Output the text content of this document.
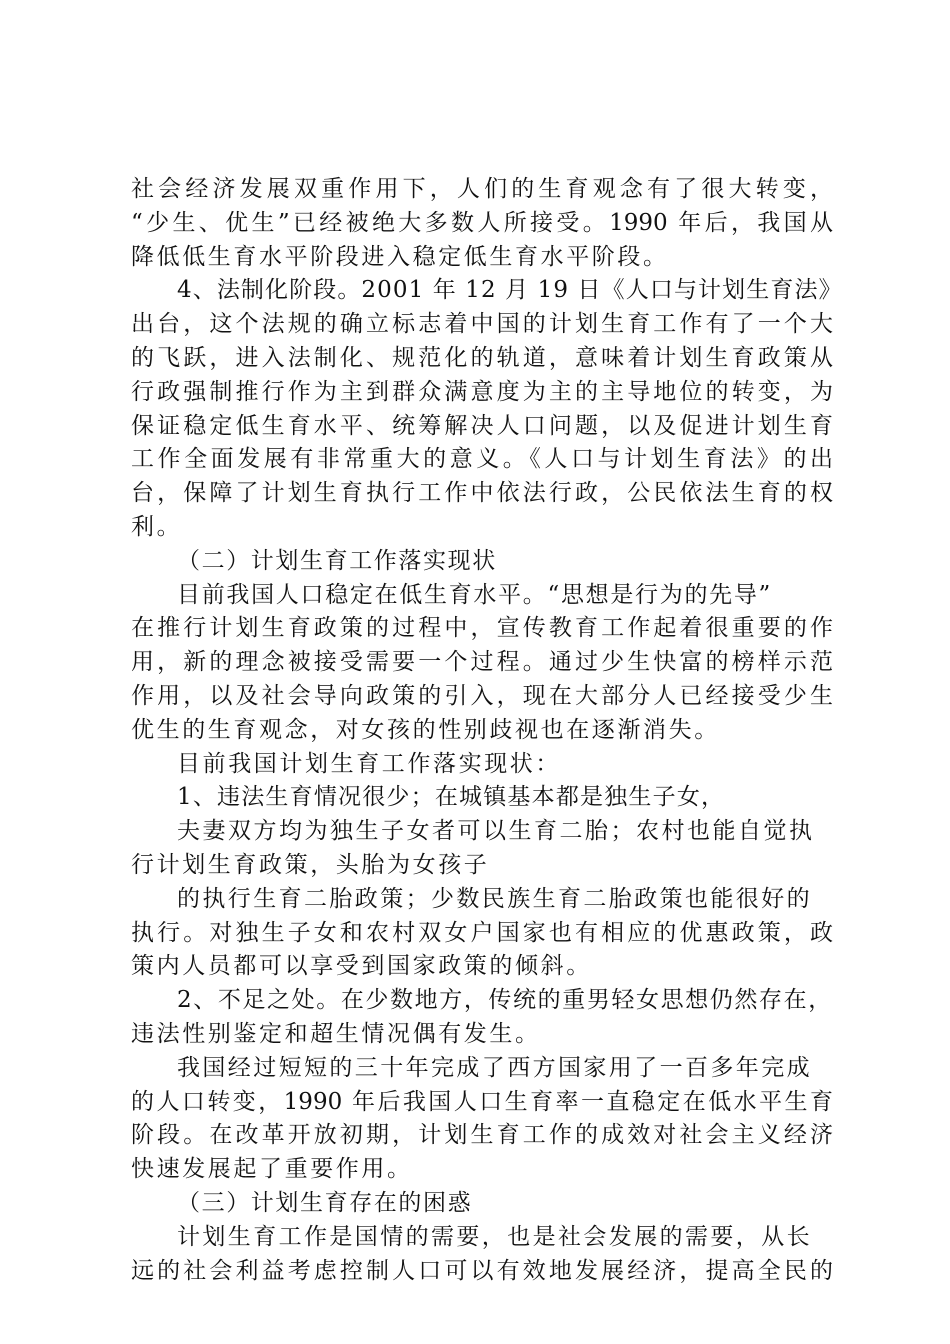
社会经济发展双重作用下，人们的生育观念有了很大转变，
“少生、优生”已经被绝大多数人所接受。1990 年后，我国从
降低低生育水平阶段进入稳定低生育水平阶段。
4、法制化阶段。2001 年 12 月 19 日《人口与计划生育法》
出台，这个法规的确立标志着中国的计划生育工作有了一个大
的飞跃，进入法制化、规范化的轨道，意味着计划生育政策从
行政强制推行作为主到群众满意度为主的主导地位的转变，为
保证稳定低生育水平、统筹解决人口问题，以及促进计划生育
工作全面发展有非常重大的意义。《人口与计划生育法》的出
台，保障了计划生育执行工作中依法行政，公民依法生育的权
利。
（二）计划生育工作落实现状
目前我国人口稳定在低生育水平。“思想是行为的先导”
在推行计划生育政策的过程中，宣传教育工作起着很重要的作
用，新的理念被接受需要一个过程。通过少生快富的榜样示范
作用，以及社会导向政策的引入，现在大部分人已经接受少生
优生的生育观念，对女孩的性别歧视也在逐渐消失。
目前我国计划生育工作落实现状：
1、违法生育情况很少；在城镇基本都是独生子女，
夫妻双方均为独生子女者可以生育二胎；农村也能自觉执
行计划生育政策，头胎为女孩子
的执行生育二胎政策；少数民族生育二胎政策也能很好的
执行。对独生子女和农村双女户国家也有相应的优惠政策，政
策内人员都可以享受到国家政策的倾斜。
2、不足之处。在少数地方，传统的重男轻女思想仍然存在，
违法性别鉴定和超生情况偶有发生。
我国经过短短的三十年完成了西方国家用了一百多年完成
的人口转变，1990 年后我国人口生育率一直稳定在低水平生育
阶段。在改革开放初期，计划生育工作的成效对社会主义经济
快速发展起了重要作用。
（三）计划生育存在的困惑
计划生育工作是国情的需要，也是社会发展的需要，从长
远的社会利益考虑控制人口可以有效地发展经济，提高全民的
